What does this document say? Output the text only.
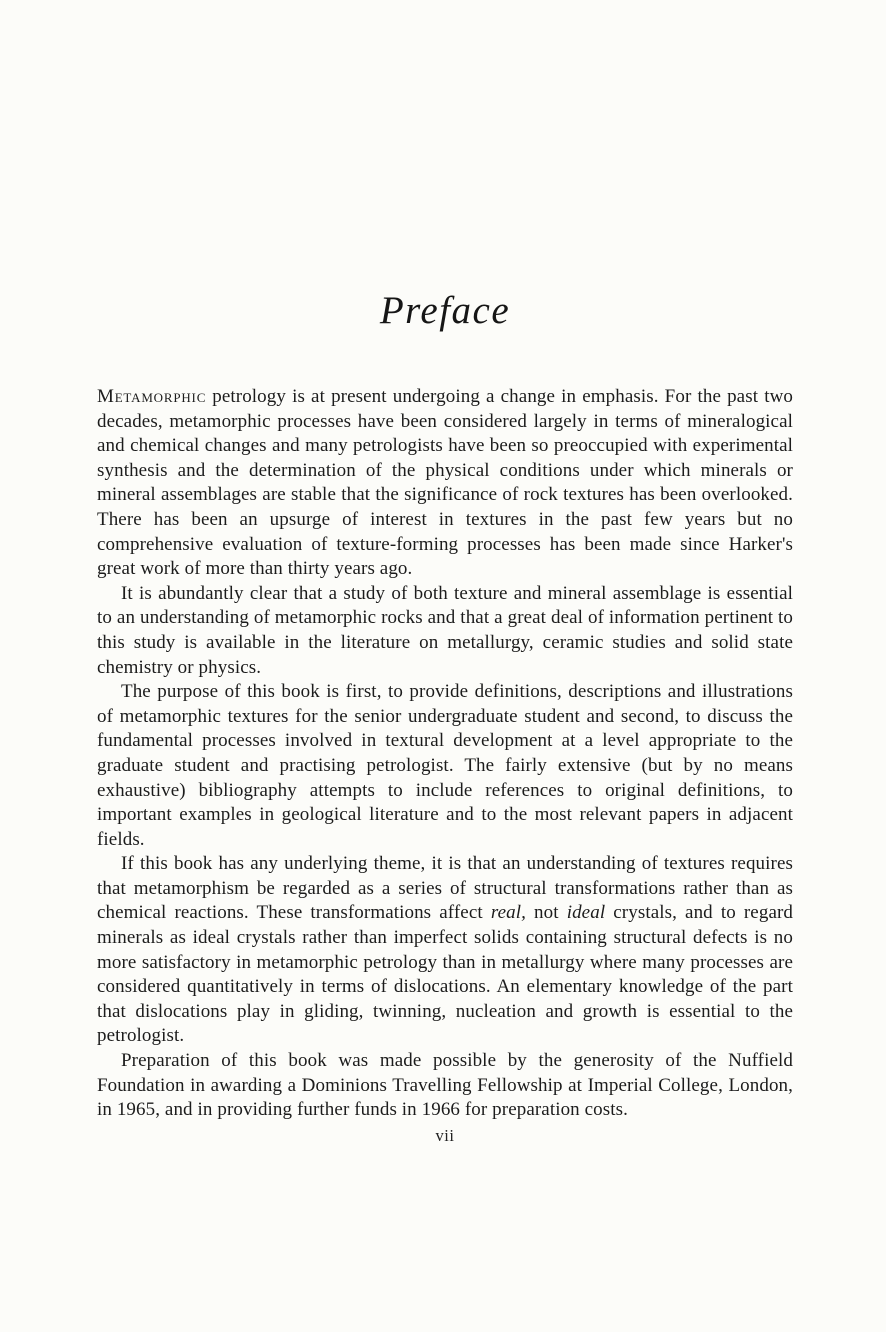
Preface

Metamorphic petrology is at present undergoing a change in emphasis. For the past two decades, metamorphic processes have been considered largely in terms of mineralogical and chemical changes and many petrologists have been so preoccupied with experimental synthesis and the determination of the physical conditions under which minerals or mineral assemblages are stable that the significance of rock textures has been overlooked. There has been an upsurge of interest in textures in the past few years but no comprehensive evaluation of texture-forming processes has been made since Harker's great work of more than thirty years ago.

It is abundantly clear that a study of both texture and mineral assemblage is essential to an understanding of metamorphic rocks and that a great deal of information pertinent to this study is available in the literature on metallurgy, ceramic studies and solid state chemistry or physics.

The purpose of this book is first, to provide definitions, descriptions and illustrations of metamorphic textures for the senior undergraduate student and second, to discuss the fundamental processes involved in textural development at a level appropriate to the graduate student and practising petrologist. The fairly extensive (but by no means exhaustive) bibliography attempts to include references to original definitions, to important examples in geological literature and to the most relevant papers in adjacent fields.

If this book has any underlying theme, it is that an understanding of textures requires that metamorphism be regarded as a series of structural transformations rather than as chemical reactions. These transformations affect real, not ideal crystals, and to regard minerals as ideal crystals rather than imperfect solids containing structural defects is no more satisfactory in metamorphic petrology than in metallurgy where many processes are considered quantitatively in terms of dislocations. An elementary knowledge of the part that dislocations play in gliding, twinning, nucleation and growth is essential to the petrologist.

Preparation of this book was made possible by the generosity of the Nuffield Foundation in awarding a Dominions Travelling Fellowship at Imperial College, London, in 1965, and in providing further funds in 1966 for preparation costs.

vii
